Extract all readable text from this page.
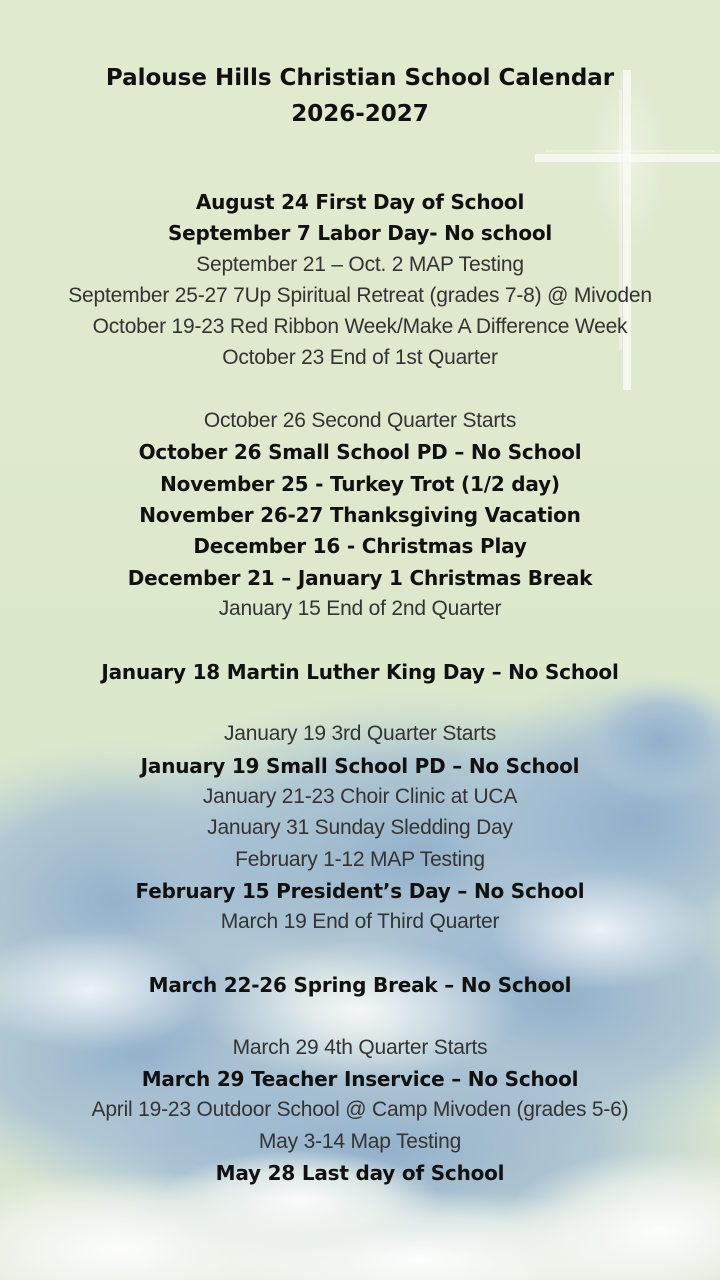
Palouse Hills Christian School Calendar
2026-2027
August 24 First Day of School
September 7 Labor Day- No school
September 21 – Oct. 2 MAP Testing
September 25-27 7Up Spiritual Retreat (grades 7-8) @ Mivoden
October 19-23 Red Ribbon Week/Make A Difference Week
October 23 End of 1st Quarter
October 26 Second Quarter Starts
October 26 Small School PD – No School
November 25 - Turkey Trot (1/2 day)
November 26-27 Thanksgiving Vacation
December 16 - Christmas Play
December 21 – January 1 Christmas Break
January 15 End of 2nd Quarter
January 18 Martin Luther King Day – No School
January 19 3rd Quarter Starts
January 19 Small School PD – No School
January 21-23 Choir Clinic at UCA
January 31 Sunday Sledding Day
February 1-12 MAP Testing
February 15 President’s Day – No School
March 19 End of Third Quarter
March 22-26 Spring Break – No School
March 29 4th Quarter Starts
March 29 Teacher Inservice – No School
April 19-23 Outdoor School @ Camp Mivoden (grades 5-6)
May 3-14 Map Testing
May 28 Last day of School
